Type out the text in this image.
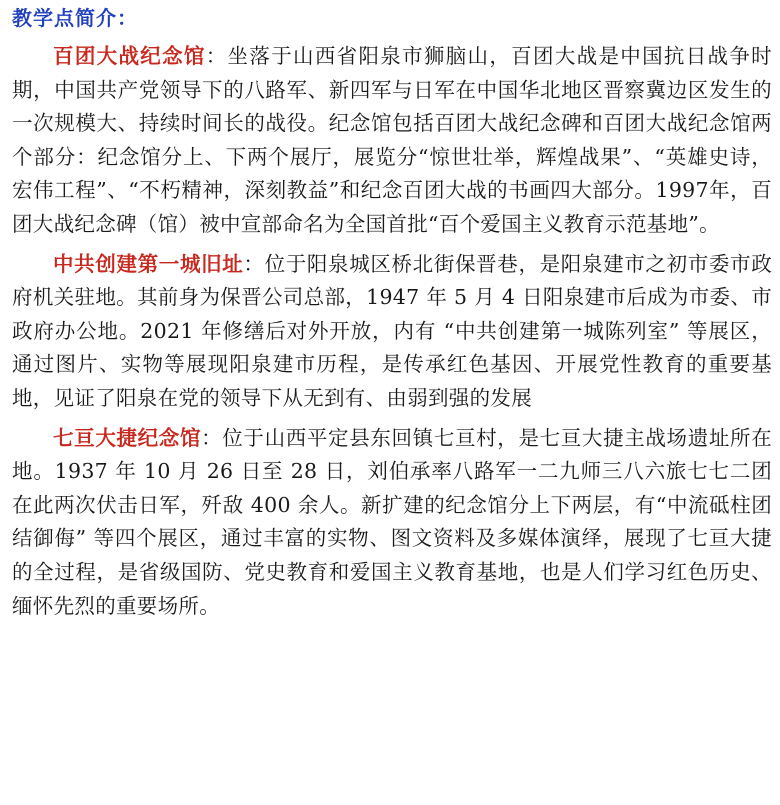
教学点简介：

百团大战纪念馆：坐落于山西省阳泉市狮脑山，百团大战是中国抗日战争时期，中国共产党领导下的八路军、新四军与日军在中国华北地区晋察冀边区发生的一次规模大、持续时间长的战役。纪念馆包括百团大战纪念碑和百团大战纪念馆两个部分：纪念馆分上、下两个展厅，展览分“惊世壮举，辉煌战果”、“英雄史诗，宏伟工程”、“不朽精神，深刻教益”和纪念百团大战的书画四大部分。1997年，百团大战纪念碑（馆）被中宣部命名为全国首批“百个爱国主义教育示范基地”。

中共创建第一城旧址：位于阳泉城区桥北街保晋巷，是阳泉建市之初市委市政府机关驻地。其前身为保晋公司总部，1947 年 5 月 4 日阳泉建市后成为市委、市政府办公地。2021 年修缮后对外开放，内有 “中共创建第一城陈列室” 等展区，通过图片、实物等展现阳泉建市历程，是传承红色基因、开展党性教育的重要基地，见证了阳泉在党的领导下从无到有、由弱到强的发展

七亘大捷纪念馆：位于山西平定县东回镇七亘村，是七亘大捷主战场遗址所在地。1937 年 10 月 26 日至 28 日，刘伯承率八路军一二九师三八六旅七七二团在此两次伏击日军，歼敌 400 余人。新扩建的纪念馆分上下两层，有“中流砥柱团结御侮” 等四个展区，通过丰富的实物、图文资料及多媒体演绎，展现了七亘大捷的全过程，是省级国防、党史教育和爱国主义教育基地，也是人们学习红色历史、缅怀先烈的重要场所。
